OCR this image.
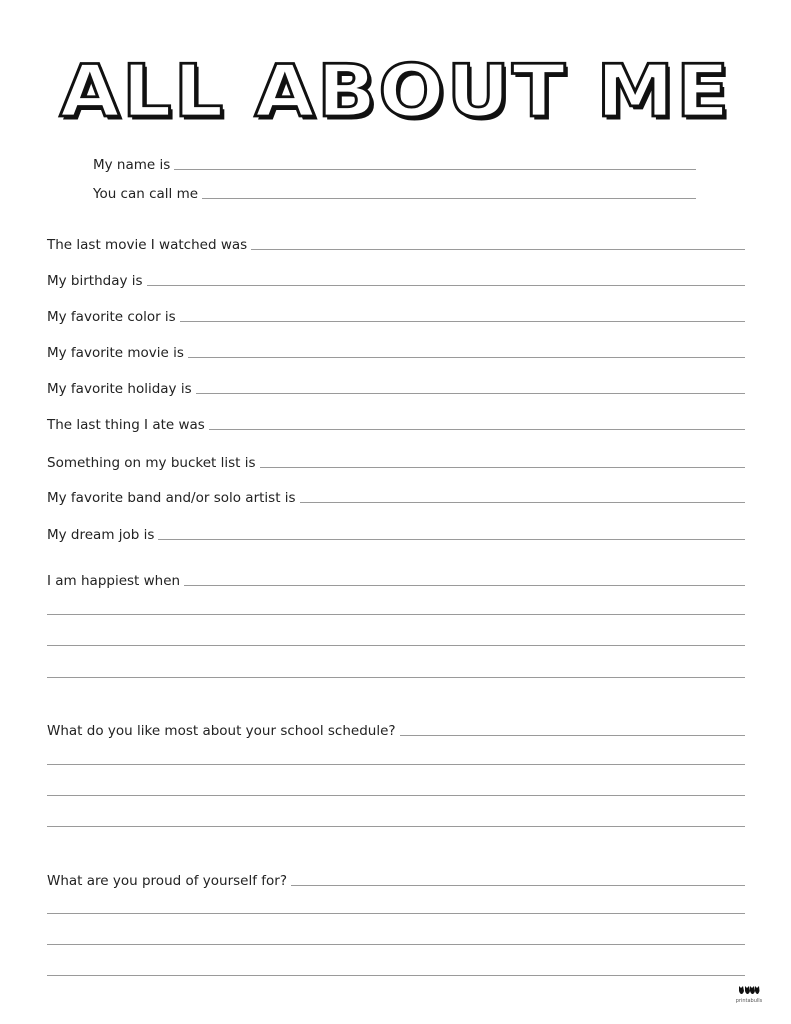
ALL ABOUT ME
My name is
You can call me
The last movie I watched was
My birthday is
My favorite color is
My favorite movie is
My favorite holiday is
The last thing I ate was
Something on my bucket list is
My favorite band and/or solo artist is
My dream job is
I am happiest when
What do you like most about your school schedule?
What are you proud of yourself for?
printabulls
